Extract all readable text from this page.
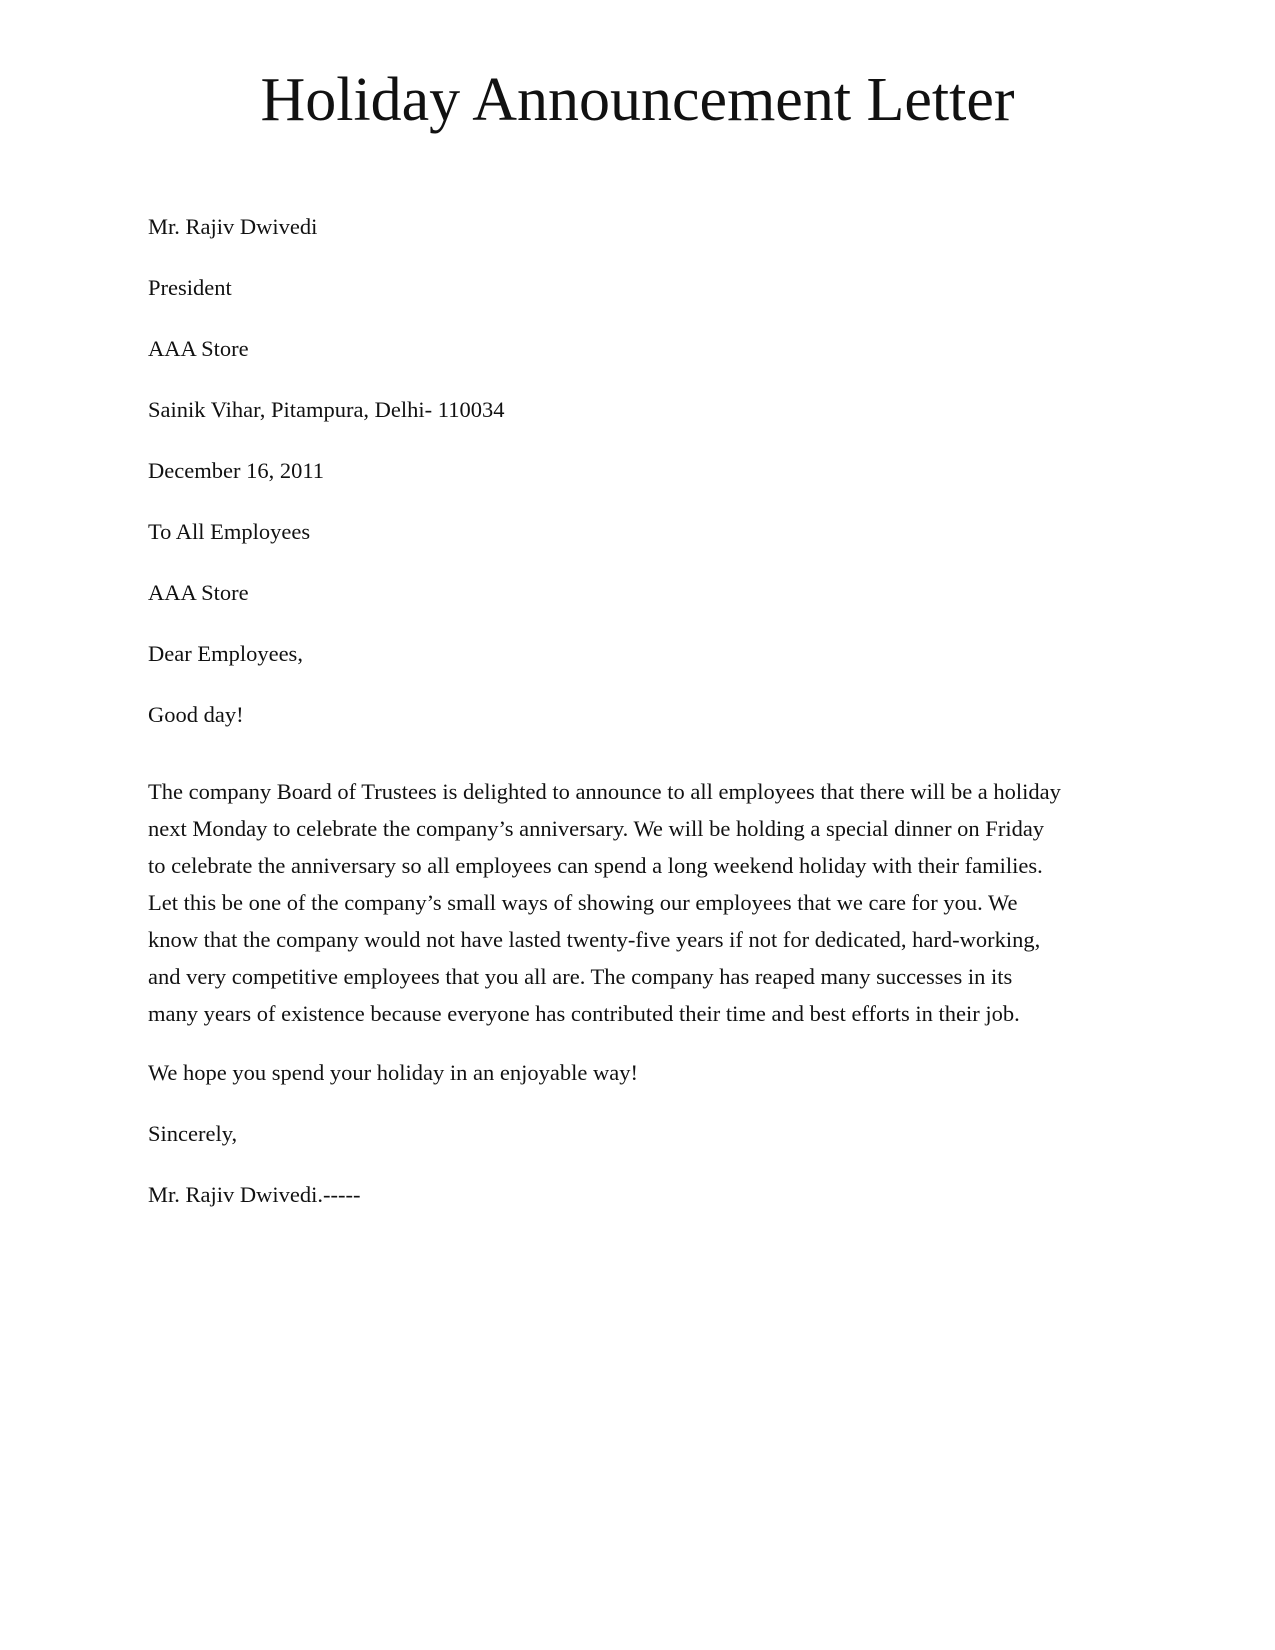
Holiday Announcement Letter

Mr. Rajiv Dwivedi

President

AAA Store

Sainik Vihar, Pitampura, Delhi- 110034

December 16, 2011

To All Employees

AAA Store

Dear Employees,

Good day!

The company Board of Trustees is delighted to announce to all employees that there will be a holiday
next Monday to celebrate the company’s anniversary. We will be holding a special dinner on Friday
to celebrate the anniversary so all employees can spend a long weekend holiday with their families.
Let this be one of the company’s small ways of showing our employees that we care for you. We
know that the company would not have lasted twenty-five years if not for dedicated, hard-working,
and very competitive employees that you all are. The company has reaped many successes in its
many years of existence because everyone has contributed their time and best efforts in their job.

We hope you spend your holiday in an enjoyable way!

Sincerely,

Mr. Rajiv Dwivedi.-----
